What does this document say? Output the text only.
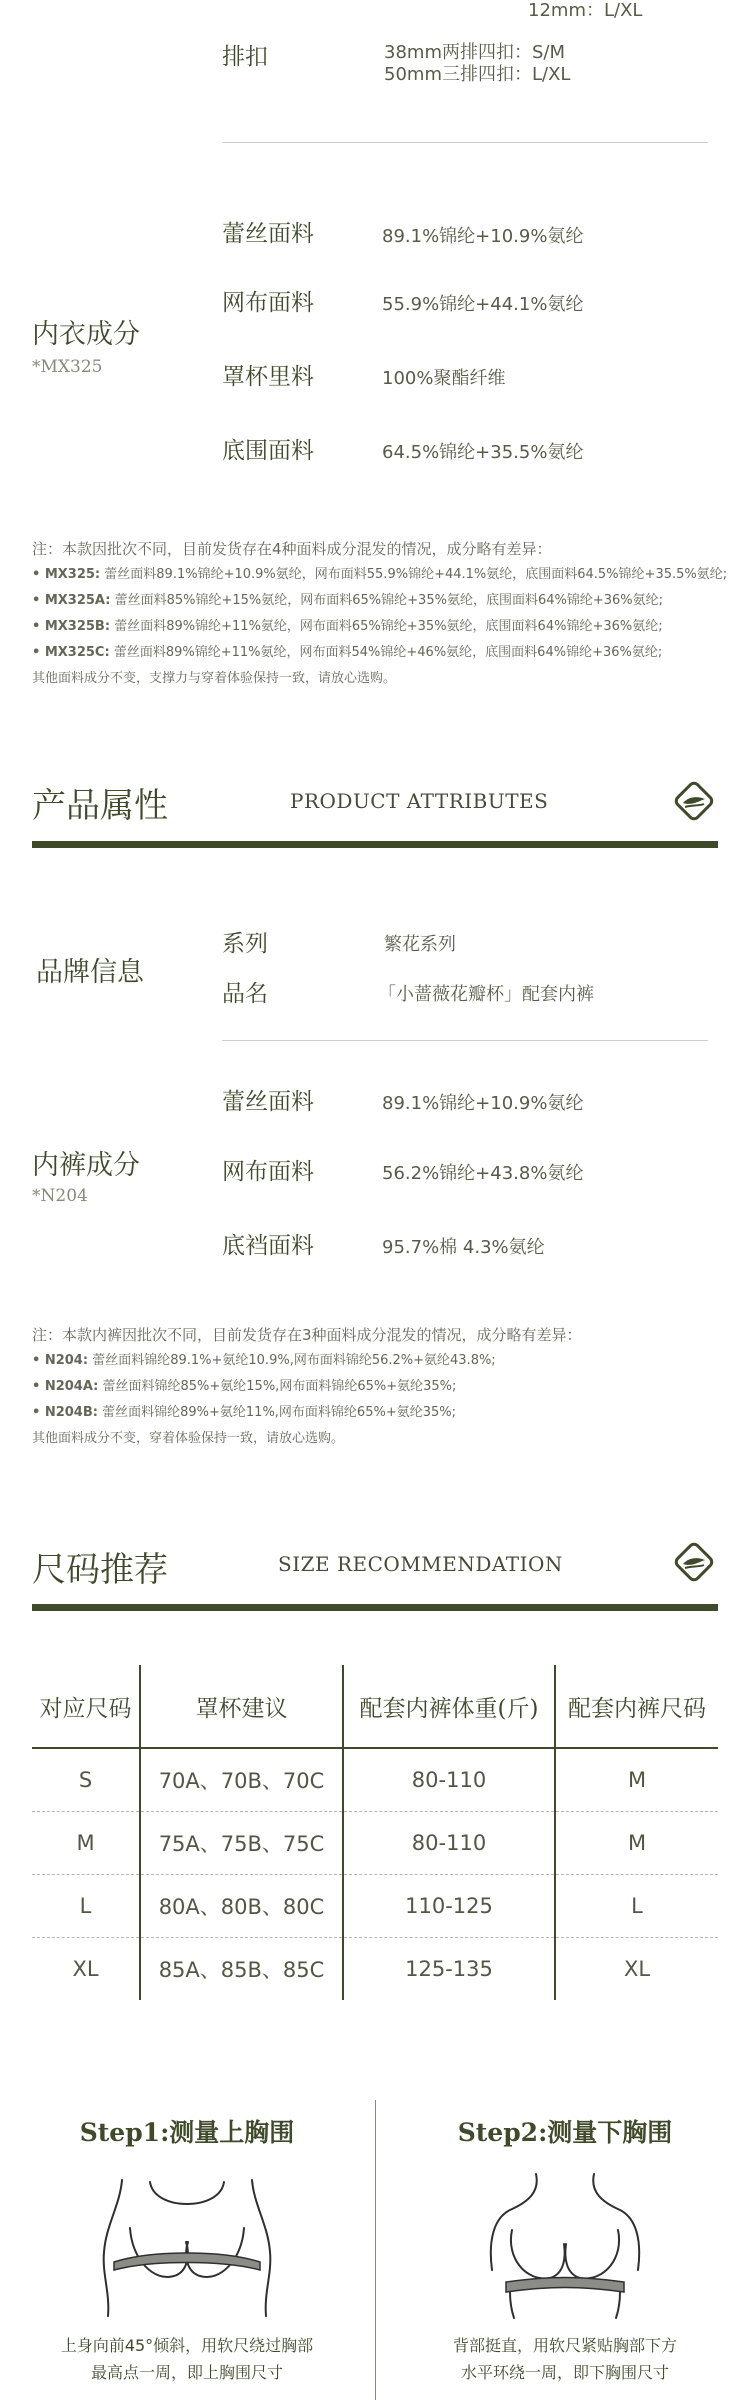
12mm：L/XL
排扣	38mm两排四扣：S/M
50mm三排四扣：L/XL
内衣成分
*MX325
蕾丝面料	89.1%锦纶+10.9%氨纶
网布面料	55.9%锦纶+44.1%氨纶
罩杯里料	100%聚酯纤维
底围面料	64.5%锦纶+35.5%氨纶
注：本款因批次不同，目前发货存在4种面料成分混发的情况，成分略有差异：
• MX325: 蕾丝面料89.1%锦纶+10.9%氨纶，网布面料55.9%锦纶+44.1%氨纶，底围面料64.5%锦纶+35.5%氨纶;
• MX325A: 蕾丝面料85%锦纶+15%氨纶，网布面料65%锦纶+35%氨纶，底围面料64%锦纶+36%氨纶;
• MX325B: 蕾丝面料89%锦纶+11%氨纶，网布面料65%锦纶+35%氨纶，底围面料64%锦纶+36%氨纶;
• MX325C: 蕾丝面料89%锦纶+11%氨纶，网布面料54%锦纶+46%氨纶，底围面料64%锦纶+36%氨纶;
其他面料成分不变，支撑力与穿着体验保持一致，请放心选购。
产品属性	PRODUCT ATTRIBUTES
品牌信息
系列	繁花系列
品名	「小蔷薇花瓣杯」配套内裤
内裤成分
*N204
蕾丝面料	89.1%锦纶+10.9%氨纶
网布面料	56.2%锦纶+43.8%氨纶
底裆面料	95.7%棉 4.3%氨纶
注：本款内裤因批次不同，目前发货存在3种面料成分混发的情况，成分略有差异：
• N204: 蕾丝面料锦纶89.1%+氨纶10.9%,网布面料锦纶56.2%+氨纶43.8%;
• N204A: 蕾丝面料锦纶85%+氨纶15%,网布面料锦纶65%+氨纶35%;
• N204B: 蕾丝面料锦纶89%+氨纶11%,网布面料锦纶65%+氨纶35%;
其他面料成分不变，穿着体验保持一致，请放心选购。
尺码推荐	SIZE RECOMMENDATION
对应尺码	罩杯建议	配套内裤体重(斤)	配套内裤尺码
S	70A、70B、70C	80-110	M
M	75A、75B、75C	80-110	M
L	80A、80B、80C	110-125	L
XL	85A、85B、85C	125-135	XL
Step1:测量上胸围
上身向前45°倾斜，用软尺绕过胸部
最高点一周，即上胸围尺寸
Step2:测量下胸围
背部挺直，用软尺紧贴胸部下方
水平环绕一周，即下胸围尺寸
